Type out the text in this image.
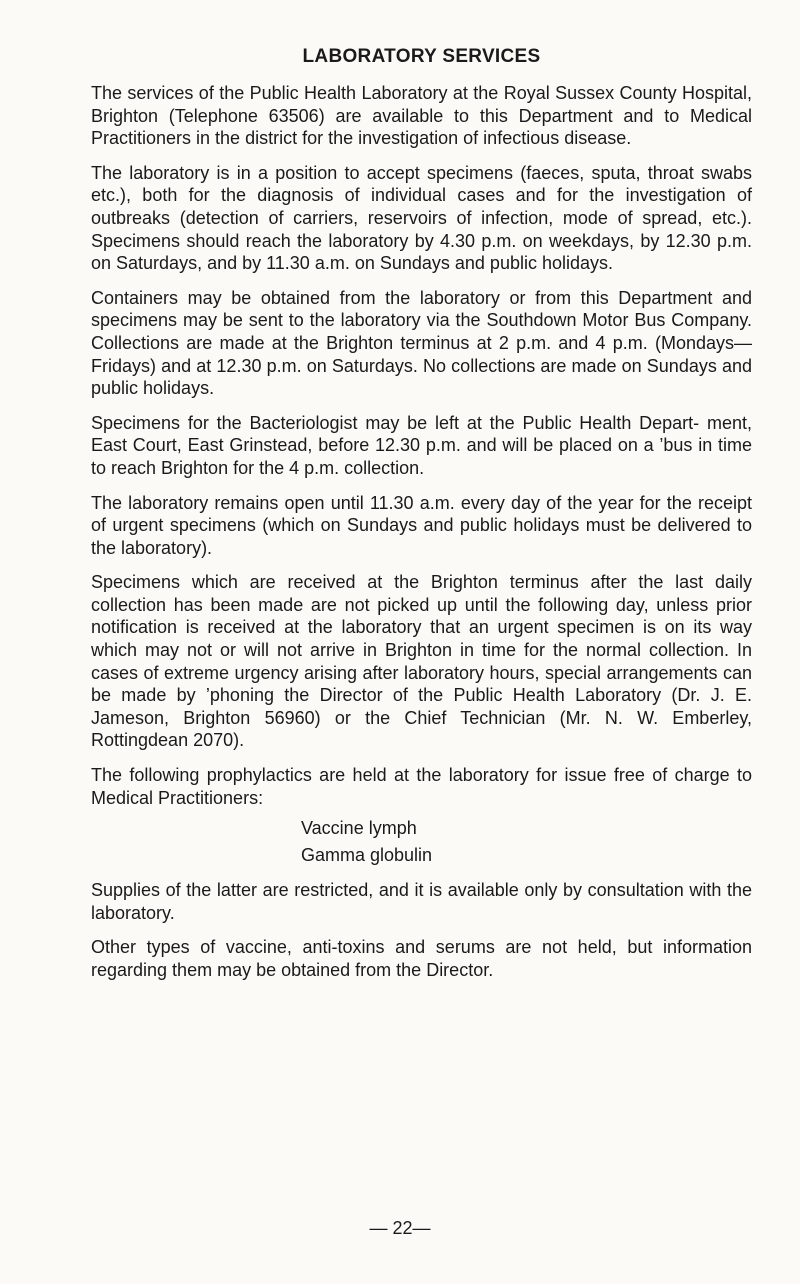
LABORATORY SERVICES

The services of the Public Health Laboratory at the Royal Sussex County Hospital, Brighton (Telephone 63506) are available to this Department and to Medical Practitioners in the district for the investigation of infectious disease.

The laboratory is in a position to accept specimens (faeces, sputa, throat swabs etc.), both for the diagnosis of individual cases and for the investigation of outbreaks (detection of carriers, reservoirs of infection, mode of spread, etc.). Specimens should reach the laboratory by 4.30 p.m. on weekdays, by 12.30 p.m. on Saturdays, and by 11.30 a.m. on Sundays and public holidays.

Containers may be obtained from the laboratory or from this Department and specimens may be sent to the laboratory via the Southdown Motor Bus Company. Collections are made at the Brighton terminus at 2 p.m. and 4 p.m. (Mondays—Fridays) and at 12.30 p.m. on Saturdays. No collections are made on Sundays and public holidays.

Specimens for the Bacteriologist may be left at the Public Health Depart- ment, East Court, East Grinstead, before 12.30 p.m. and will be placed on a ’bus in time to reach Brighton for the 4 p.m. collection.

The laboratory remains open until 11.30 a.m. every day of the year for the receipt of urgent specimens (which on Sundays and public holidays must be delivered to the laboratory).

Specimens which are received at the Brighton terminus after the last daily collection has been made are not picked up until the following day, unless prior notification is received at the laboratory that an urgent specimen is on its way which may not or will not arrive in Brighton in time for the normal collection. In cases of extreme urgency arising after laboratory hours, special arrangements can be made by ’phoning the Director of the Public Health Laboratory (Dr. J. E. Jameson, Brighton 56960) or the Chief Technician (Mr. N. W. Emberley, Rottingdean 2070).

The following prophylactics are held at the laboratory for issue free of charge to Medical Practitioners:

Vaccine lymph
Gamma globulin

Supplies of the latter are restricted, and it is available only by consultation with the laboratory.

Other types of vaccine, anti-toxins and serums are not held, but information regarding them may be obtained from the Director.

— 22—
